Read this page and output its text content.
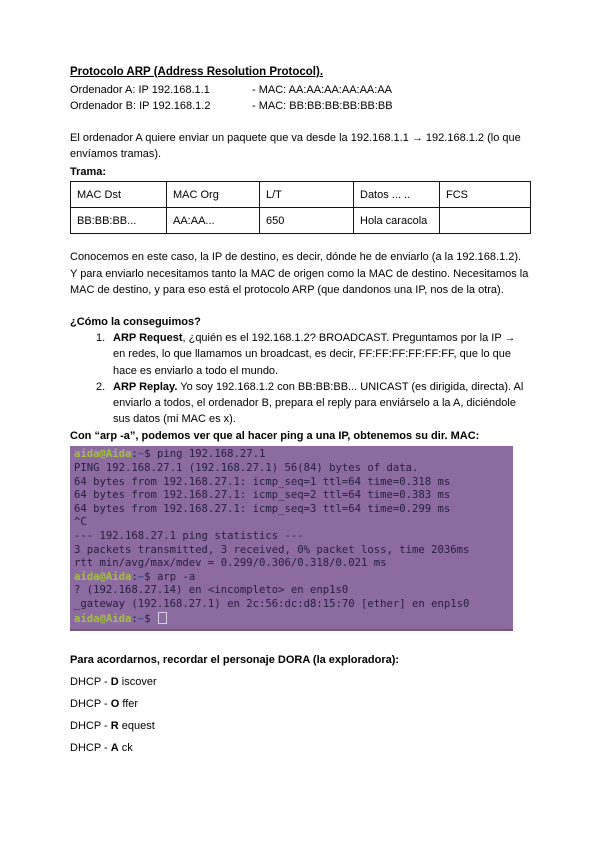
Protocolo ARP (Address Resolution Protocol).
Ordenador A: IP 192.168.1.1	- MAC: AA:AA:AA:AA:AA:AA
Ordenador B: IP 192.168.1.2	- MAC: BB:BB:BB:BB:BB:BB
El ordenador A quiere enviar un paquete que va desde la 192.168.1.1 → 192.168.1.2 (lo que envíamos tramas).
Trama:
MAC Dst	MAC Org	L/T	Datos ... ..	FCS
BB:BB:BB...	AA:AA...	650	Hola caracola	
Conocemos en este caso, la IP de destino, es decir, dónde he de enviarlo (a la 192.168.1.2). Y para enviarlo necesitamos tanto la MAC de origen como la MAC de destino. Necesitamos la MAC de destino, y para eso está el protocolo ARP (que dandonos una IP, nos de la otra).
¿Cómo la conseguimos?
1. ARP Request, ¿quién es el 192.168.1.2? BROADCAST. Preguntamos por la IP → en redes, lo que llamamos un broadcast, es decir, FF:FF:FF:FF:FF:FF, que lo que hace es enviarlo a todo el mundo.
2. ARP Replay. Yo soy 192.168.1.2 con BB:BB:BB... UNICAST (es dirigida, directa). Al enviarlo a todos, el ordenador B, prepara el reply para enviárselo a la A, diciéndole sus datos (mi MAC es x).
Con “arp -a”, podemos ver que al hacer ping a una IP, obtenemos su dir. MAC:
aida@Aida:~$ ping 192.168.27.1
PING 192.168.27.1 (192.168.27.1) 56(84) bytes of data.
64 bytes from 192.168.27.1: icmp_seq=1 ttl=64 time=0.318 ms
64 bytes from 192.168.27.1: icmp_seq=2 ttl=64 time=0.383 ms
64 bytes from 192.168.27.1: icmp_seq=3 ttl=64 time=0.299 ms
^C
--- 192.168.27.1 ping statistics ---
3 packets transmitted, 3 received, 0% packet loss, time 2036ms
rtt min/avg/max/mdev = 0.299/0.306/0.318/0.021 ms
aida@Aida:~$ arp -a
? (192.168.27.14) en <incompleto> en enp1s0
_gateway (192.168.27.1) en 2c:56:dc:d8:15:70 [ether] en enp1s0
aida@Aida:~$
Para acordarnos, recordar el personaje DORA (la exploradora):
DHCP - D iscover
DHCP - O ffer
DHCP - R equest
DHCP - A ck
